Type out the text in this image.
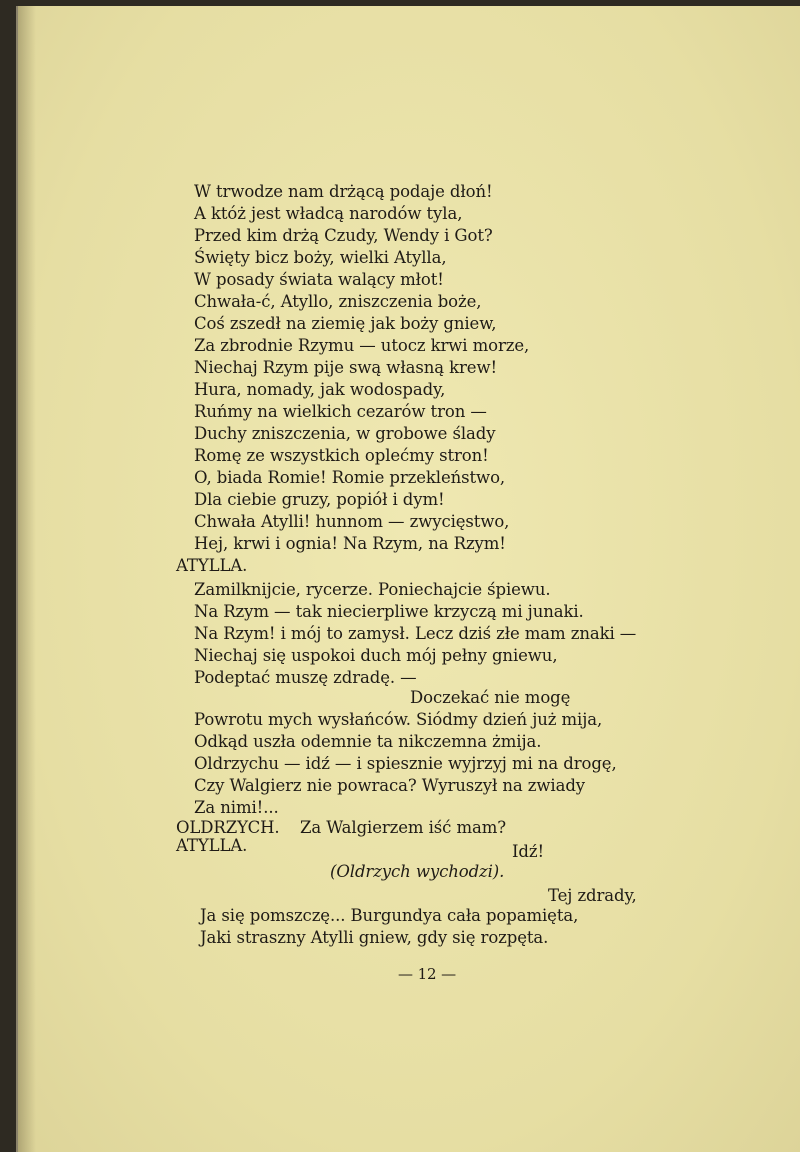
W trwodze nam drżącą podaje dłoń!
A któż jest władcą narodów tyla,
Przed kim drżą Czudy, Wendy i Got?
Święty bicz boży, wielki Atylla,
W posady świata walący młot!
Chwała-ć, Atyllo, zniszczenia boże,
Coś zszedł na ziemię jak boży gniew,
Za zbrodnie Rzymu — utocz krwi morze,
Niechaj Rzym pije swą własną krew!
Hura, nomady, jak wodospady,
Ruńmy na wielkich cezarów tron —
Duchy zniszczenia, w grobowe ślady
Romę ze wszystkich oplećmy stron!
O, biada Romie! Romie przekleństwo,
Dla ciebie gruzy, popiół i dym!
Chwała Atylli! hunnom — zwycięstwo,
Hej, krwi i ognia! Na Rzym, na Rzym!
ATYLLA.
Zamilknijcie, rycerze. Poniechajcie śpiewu.
Na Rzym — tak niecierpliwe krzyczą mi junaki.
Na Rzym! i mój to zamysł. Lecz dziś złe mam znaki —
Niechaj się uspokoi duch mój pełny gniewu,
Podeptać muszę zdradę. —
Doczekać nie mogę
Powrotu mych wysłańców. Siódmy dzień już mija,
Odkąd uszła odemnie ta nikczemna żmija.
Oldrzychu — idź — i spiesznie wyjrzyj mi na drogę,
Czy Walgierz nie powraca? Wyruszył na zwiady
Za nimi!...
OLDRZYCH. Za Walgierzem iść mam?
ATYLLA.	Idź!
(Oldrzych wychodzi).
Tej zdrady,
Ja się pomszczę... Burgundya cała popamięta,
Jaki straszny Atylli gniew, gdy się rozpęta.
— 12 —
